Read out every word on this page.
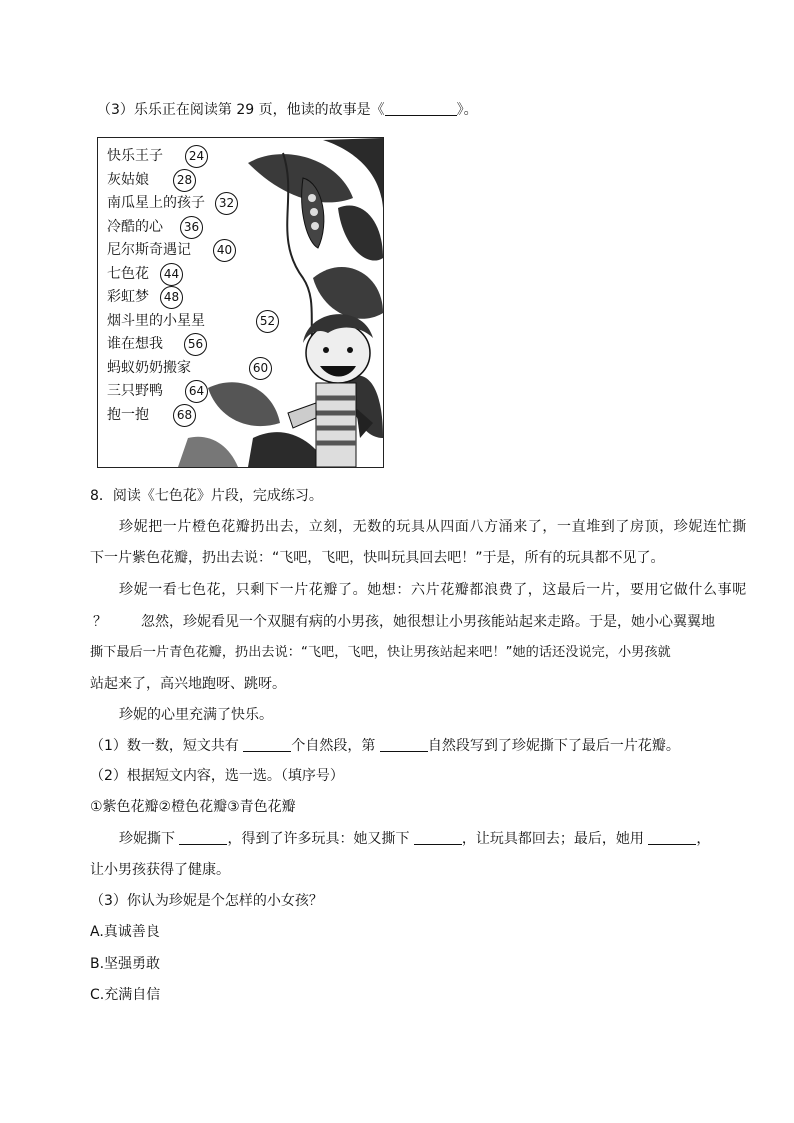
（3）乐乐正在阅读第 29 页，他读的故事是《	》。
快乐王子	24
灰姑娘	28
南瓜星上的孩子	32
冷酷的心	36
尼尔斯奇遇记	40
七色花	44
彩虹梦	48
烟斗里的小星星	52
谁在想我	56
蚂蚁奶奶搬家	60
三只野鸭	64
抱一抱	68
8．阅读《七色花》片段，完成练习。
珍妮把一片橙色花瓣扔出去，立刻，无数的玩具从四面八方涌来了，一直堆到了房顶，珍妮连忙撕
下一片紫色花瓣，扔出去说：“飞吧，飞吧，快叫玩具回去吧！”于是，所有的玩具都不见了。
珍妮一看七色花，只剩下一片花瓣了。她想：六片花瓣都浪费了，这最后一片，要用它做什么事呢
？ 忽然，珍妮看见一个双腿有病的小男孩，她很想让小男孩能站起来走路。于是，她小心翼翼地
撕下最后一片青色花瓣，扔出去说：“飞吧，飞吧，快让男孩站起来吧！”她的话还没说完，小男孩就
站起来了，高兴地跑呀、跳呀。
珍妮的心里充满了快乐。
（1）数一数，短文共有	个自然段，第	自然段写到了珍妮撕下了最后一片花瓣。
（2）根据短文内容，选一选。（填序号）
①紫色花瓣②橙色花瓣③青色花瓣
珍妮撕下	，得到了许多玩具：她又撕下	，让玩具都回去；最后，她用	，
让小男孩获得了健康。
（3）你认为珍妮是个怎样的小女孩？
A.真诚善良
B.坚强勇敢
C.充满自信
